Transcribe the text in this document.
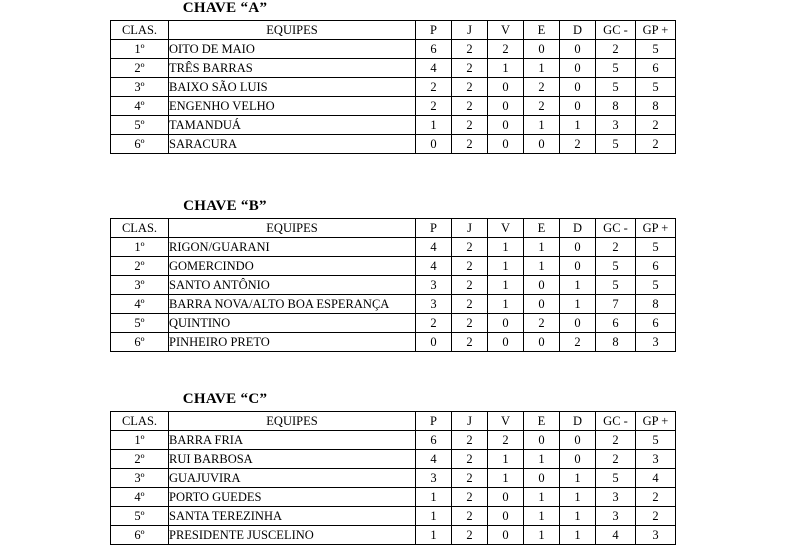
CHAVE “A”
CLAS.	EQUIPES	P	J	V	E	D	GC -	GP +
1º	OITO DE MAIO	6	2	2	0	0	2	5
2º	TRÊS BARRAS	4	2	1	1	0	5	6
3º	BAIXO SÃO LUIS	2	2	0	2	0	5	5
4º	ENGENHO VELHO	2	2	0	2	0	8	8
5º	TAMANDUÁ	1	2	0	1	1	3	2
6º	SARACURA	0	2	0	0	2	5	2
CHAVE “B”
CLAS.	EQUIPES	P	J	V	E	D	GC -	GP +
1º	RIGON/GUARANI	4	2	1	1	0	2	5
2º	GOMERCINDO	4	2	1	1	0	5	6
3º	SANTO ANTÔNIO	3	2	1	0	1	5	5
4º	BARRA NOVA/ALTO BOA ESPERANÇA	3	2	1	0	1	7	8
5º	QUINTINO	2	2	0	2	0	6	6
6º	PINHEIRO PRETO	0	2	0	0	2	8	3
CHAVE “C”
CLAS.	EQUIPES	P	J	V	E	D	GC -	GP +
1º	BARRA FRIA	6	2	2	0	0	2	5
2º	RUI BARBOSA	4	2	1	1	0	2	3
3º	GUAJUVIRA	3	2	1	0	1	5	4
4º	PORTO GUEDES	1	2	0	1	1	3	2
5º	SANTA TEREZINHA	1	2	0	1	1	3	2
6º	PRESIDENTE JUSCELINO	1	2	0	1	1	4	3
